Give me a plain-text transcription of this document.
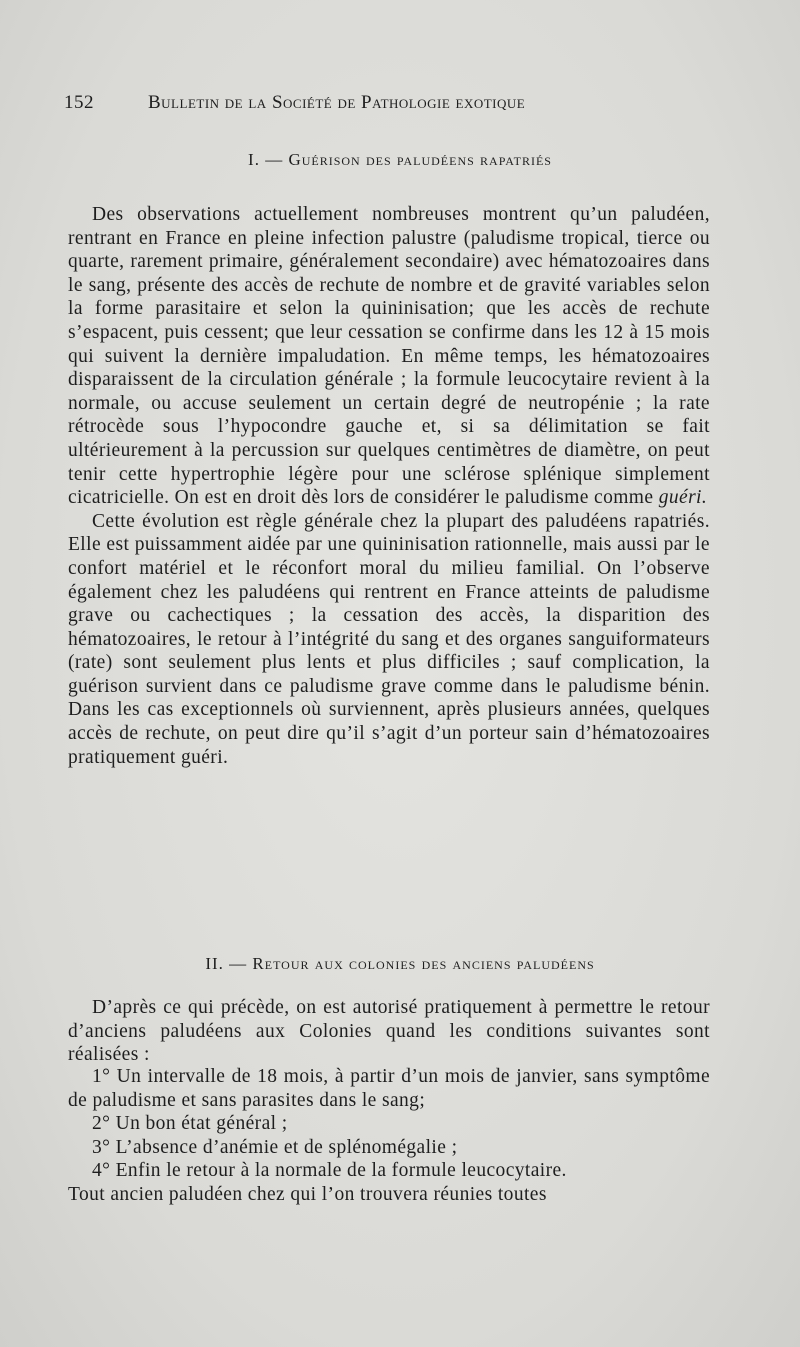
152	Bulletin de la Société de Pathologie exotique
I. — Guérison des paludéens rapatriés

Des observations actuellement nombreuses montrent qu’un paludéen, rentrant en France en pleine infection palustre (paludisme tropical, tierce ou quarte, rarement primaire, généralement secondaire) avec hématozoaires dans le sang, présente des accès de rechute de nombre et de gravité variables selon la forme parasitaire et selon la quininisation; que les accès de rechute s’espacent, puis cessent; que leur cessation se confirme dans les 12 à 15 mois qui suivent la dernière impaludation. En même temps, les hématozoaires disparaissent de la circulation générale ; la formule leucocytaire revient à la normale, ou accuse seulement un certain degré de neutropénie ; la rate rétrocède sous l’hypocondre gauche et, si sa délimitation se fait ultérieurement à la percussion sur quelques centimètres de diamètre, on peut tenir cette hypertrophie légère pour une sclérose splénique simplement cicatricielle. On est en droit dès lors de considérer le paludisme comme guéri.

Cette évolution est règle générale chez la plupart des paludéens rapatriés. Elle est puissamment aidée par une quininisation rationnelle, mais aussi par le confort matériel et le réconfort moral du milieu familial. On l’observe également chez les paludéens qui rentrent en France atteints de paludisme grave ou cachectiques ; la cessation des accès, la disparition des hématozoaires, le retour à l’intégrité du sang et des organes sanguiformateurs (rate) sont seulement plus lents et plus difficiles ; sauf complication, la guérison survient dans ce paludisme grave comme dans le paludisme bénin. Dans les cas exceptionnels où surviennent, après plusieurs années, quelques accès de rechute, on peut dire qu’il s’agit d’un porteur sain d’hématozoaires pratiquement guéri.

II. — Retour aux colonies des anciens paludéens

D’après ce qui précède, on est autorisé pratiquement à permettre le retour d’anciens paludéens aux Colonies quand les conditions suivantes sont réalisées :

1° Un intervalle de 18 mois, à partir d’un mois de janvier, sans symptôme de paludisme et sans parasites dans le sang;

2° Un bon état général ;

3° L’absence d’anémie et de splénomégalie ;

4° Enfin le retour à la normale de la formule leucocytaire.

Tout ancien paludéen chez qui l’on trouvera réunies toutes
